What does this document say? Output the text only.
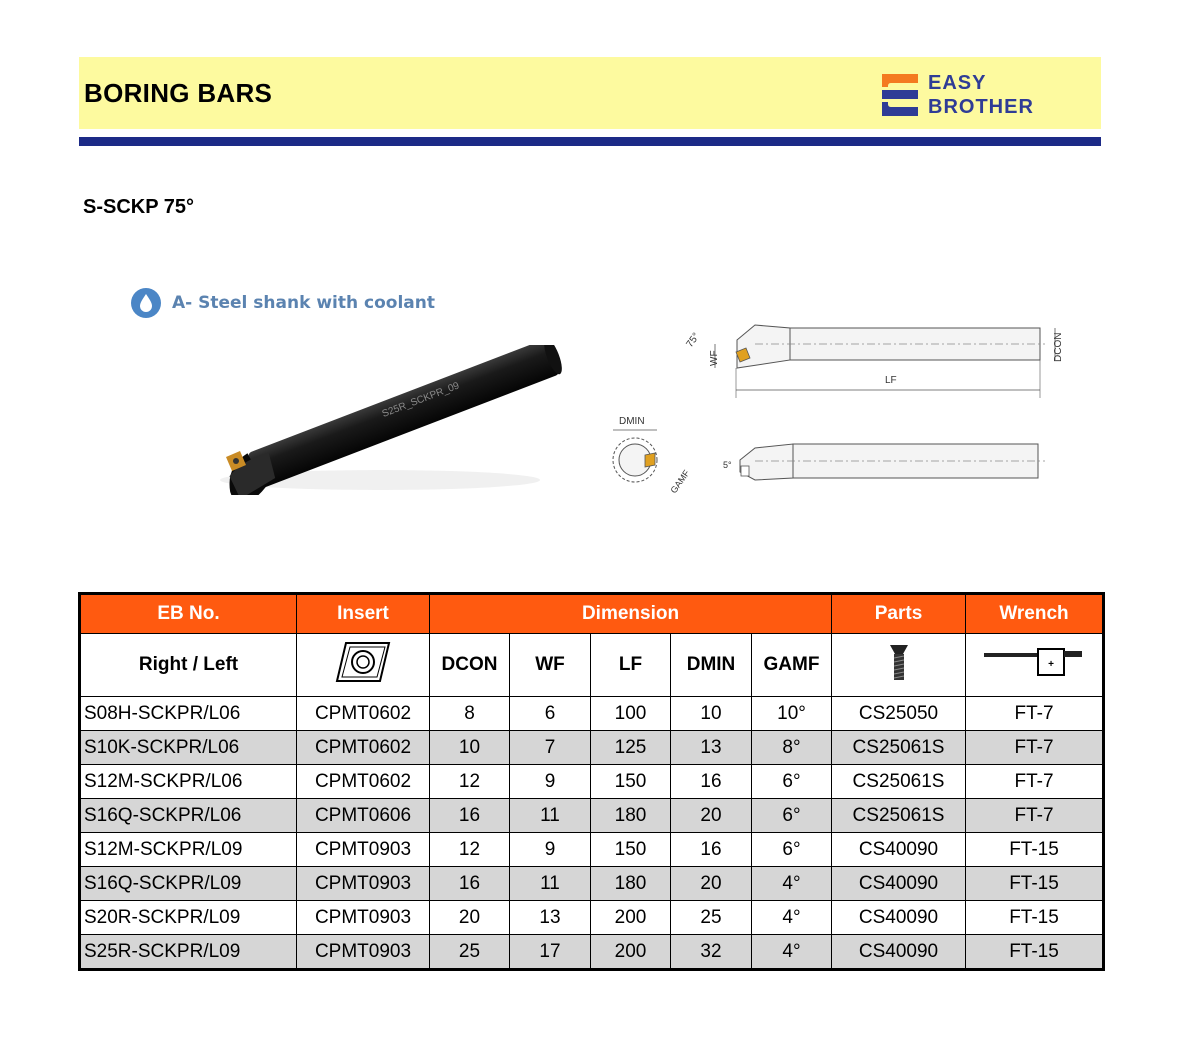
BORING BARS	EASY
BROTHER
S-SCKP 75°
A- Steel shank with coolant
S25R_SCKPR_09
DCON
WF
75°
LF
DMIN
GAMF
5°
EB No.	Insert	Dimension					Parts	Wrench
Right / Left		DCON	WF	LF	DMIN	GAMF		+

S08H-SCKPR/L06	CPMT0602	8	6	100	10	10°	CS25050	FT-7
S10K-SCKPR/L06	CPMT0602	10	7	125	13	8°	CS25061S	FT-7
S12M-SCKPR/L06	CPMT0602	12	9	150	16	6°	CS25061S	FT-7
S16Q-SCKPR/L06	CPMT0606	16	11	180	20	6°	CS25061S	FT-7
S12M-SCKPR/L09	CPMT0903	12	9	150	16	6°	CS40090	FT-15
S16Q-SCKPR/L09	CPMT0903	16	11	180	20	4°	CS40090	FT-15
S20R-SCKPR/L09	CPMT0903	20	13	200	25	4°	CS40090	FT-15
S25R-SCKPR/L09	CPMT0903	25	17	200	32	4°	CS40090	FT-15
